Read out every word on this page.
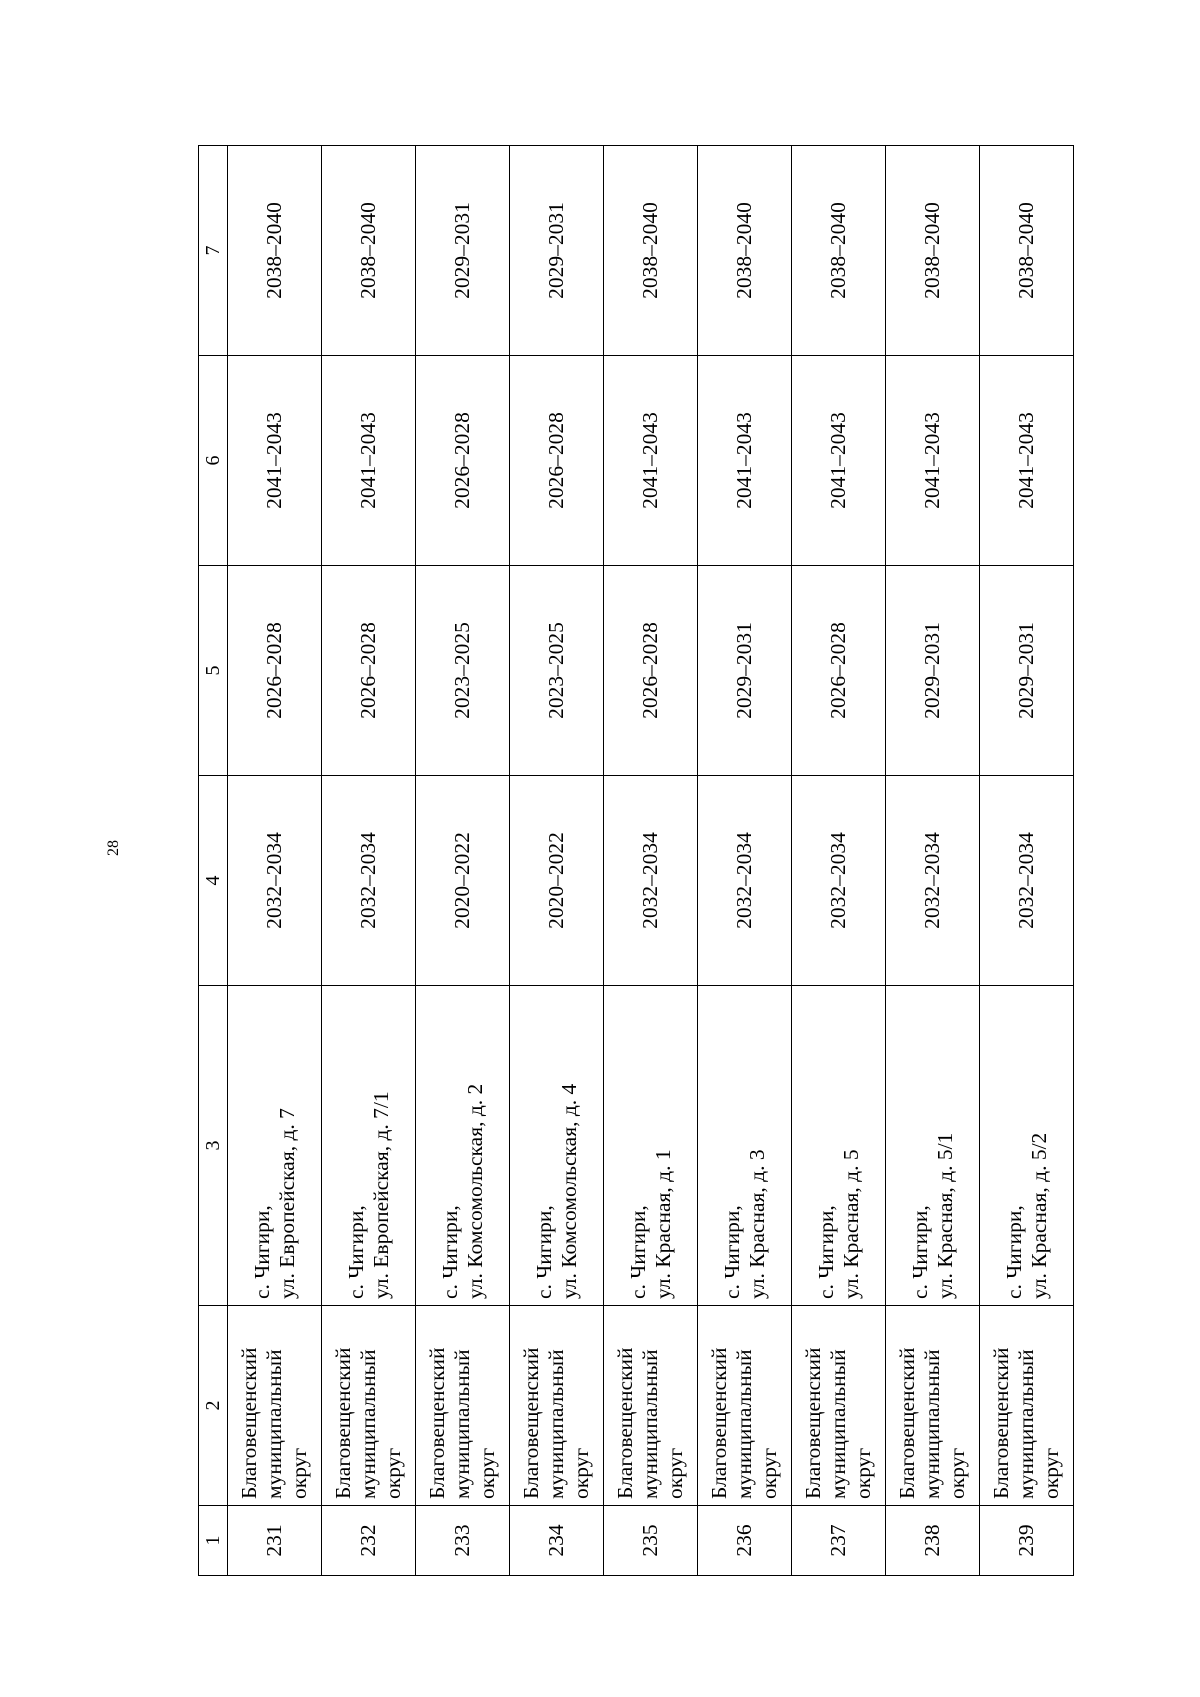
28
1	2	3	4	5	6	7
231	Благовещенский муниципальный округ	с. Чигири, ул. Европейская, д. 7	2032–2034	2026–2028	2041–2043	2038–2040
232	Благовещенский муниципальный округ	с. Чигири, ул. Европейская, д. 7/1	2032–2034	2026–2028	2041–2043	2038–2040
233	Благовещенский муниципальный округ	с. Чигири, ул. Комсомольская, д. 2	2020–2022	2023–2025	2026–2028	2029–2031
234	Благовещенский муниципальный округ	с. Чигири, ул. Комсомольская, д. 4	2020–2022	2023–2025	2026–2028	2029–2031
235	Благовещенский муниципальный округ	с. Чигири, ул. Красная, д. 1	2032–2034	2026–2028	2041–2043	2038–2040
236	Благовещенский муниципальный округ	с. Чигири, ул. Красная, д. 3	2032–2034	2029–2031	2041–2043	2038–2040
237	Благовещенский муниципальный округ	с. Чигири, ул. Красная, д. 5	2032–2034	2026–2028	2041–2043	2038–2040
238	Благовещенский муниципальный округ	с. Чигири, ул. Красная, д. 5/1	2032–2034	2029–2031	2041–2043	2038–2040
239	Благовещенский муниципальный округ	с. Чигири, ул. Красная, д. 5/2	2032–2034	2029–2031	2041–2043	2038–2040
